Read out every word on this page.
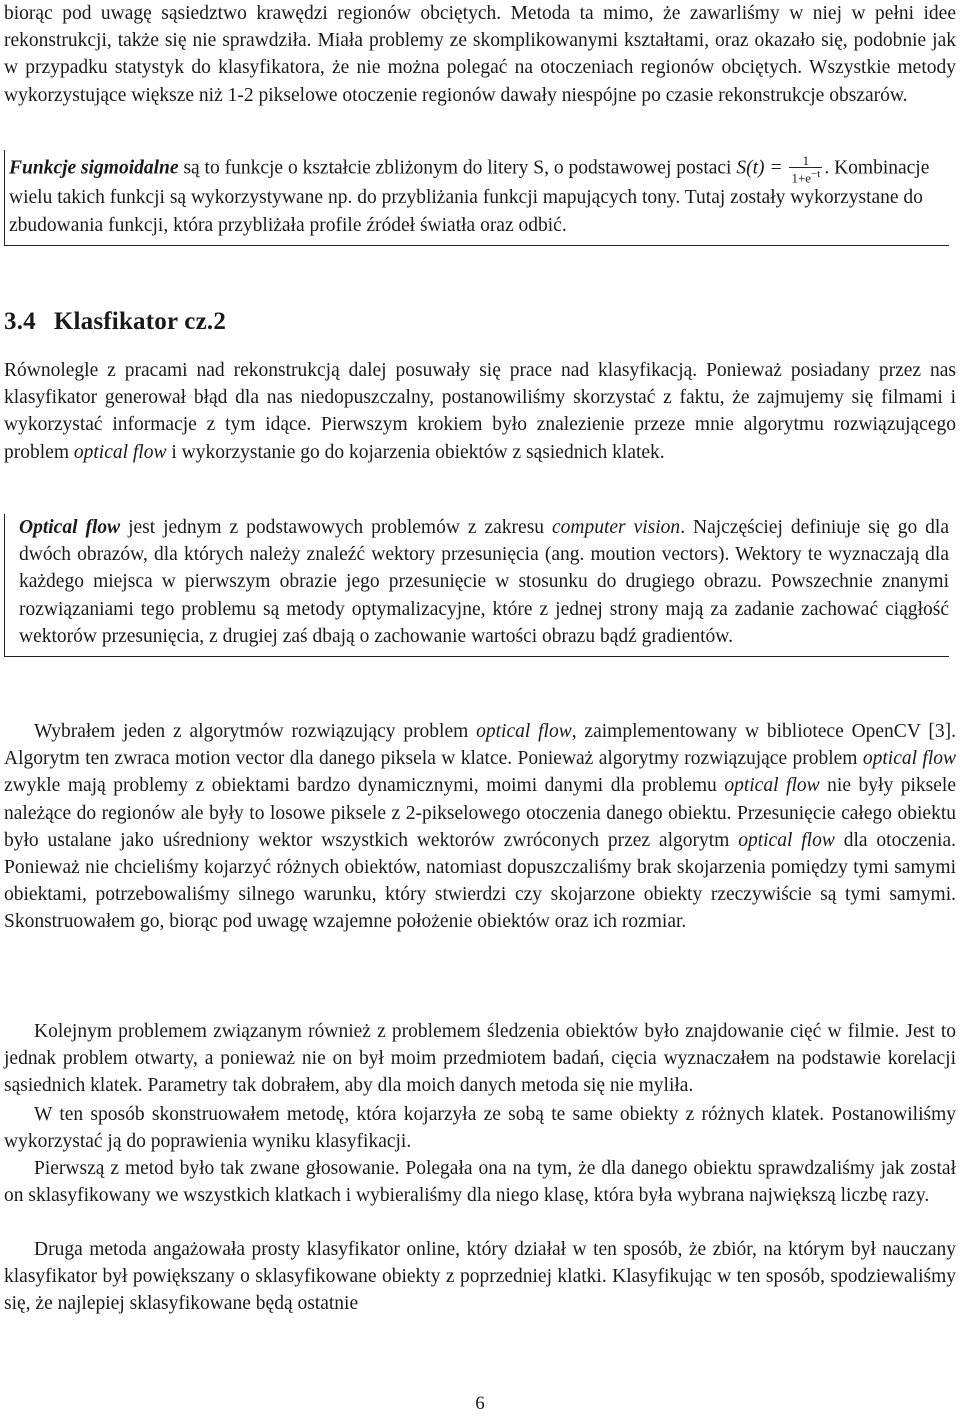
biorąc pod uwagę sąsiedztwo krawędzi regionów obciętych. Metoda ta mimo, że zawarliśmy w niej w pełni idee rekonstrukcji, także się nie sprawdziła. Miała problemy ze skomplikowanymi kształtami, oraz okazało się, podobnie jak w przypadku statystyk do klasyfikatora, że nie można polegać na otoczeniach regionów obciętych. Wszystkie metody wykorzystujące większe niż 1-2 pikselowe otoczenie regionów dawały niespójne po czasie rekonstrukcje obszarów.

Funkcje sigmoidalne są to funkcje o kształcie zbliżonym do litery S, o podstawowej postaci $S(t) = \frac{1}{1+e^{-t}}$ . Kombinacje wielu takich funkcji są wykorzystywane np. do przybliżania funkcji mapujących tony. Tutaj zostały wykorzystane do zbudowania funkcji, która przybliżała profile źródeł światła oraz odbić.
3.4 Klasfikator cz.2

Równolegle z pracami nad rekonstrukcją dalej posuwały się prace nad klasyfikacją. Ponieważ posiadany przez nas klasyfikator generował błąd dla nas niedopuszczalny, postanowiliśmy skorzystać z faktu, że zajmujemy się filmami i wykorzystać informacje z tym idące. Pierwszym krokiem było znalezienie przeze mnie algorytmu rozwiązującego problem optical flow i wykorzystanie go do kojarzenia obiektów z sąsiednich klatek.

Optical flow jest jednym z podstawowych problemów z zakresu computer vision. Najczęściej definiuje się go dla dwóch obrazów, dla których należy znaleźć wektory przesunięcia (ang. moution vectors). Wektory te wyznaczają dla każdego miejsca w pierwszym obrazie jego przesunięcie w stosunku do drugiego obrazu. Powszechnie znanymi rozwiązaniami tego problemu są metody optymalizacyjne, które z jednej strony mają za zadanie zachować ciągłość wektorów przesunięcia, z drugiej zaś dbają o zachowanie wartości obrazu bądź gradientów.

Wybrałem jeden z algorytmów rozwiązujący problem optical flow, zaimplementowany w bibliotece OpenCV [3]. Algorytm ten zwraca motion vector dla danego piksela w klatce. Ponieważ algorytmy rozwiązujące problem optical flow zwykle mają problemy z obiektami bardzo dynamicznymi, moimi danymi dla problemu optical flow nie były piksele należące do regionów ale były to losowe piksele z 2-pikselowego otoczenia danego obiektu. Przesunięcie całego obiektu było ustalane jako uśredniony wektor wszystkich wektorów zwróconych przez algorytm optical flow dla otoczenia. Ponieważ nie chcieliśmy kojarzyć różnych obiektów, natomiast dopuszczaliśmy brak skojarzenia pomiędzy tymi samymi obiektami, potrzebowaliśmy silnego warunku, który stwierdzi czy skojarzone obiekty rzeczywiście są tymi samymi. Skonstruowałem go, biorąc pod uwagę wzajemne położenie obiektów oraz ich rozmiar.

Kolejnym problemem związanym również z problemem śledzenia obiektów było znajdowanie cięć w filmie. Jest to jednak problem otwarty, a ponieważ nie on był moim przedmiotem badań, cięcia wyznaczałem na podstawie korelacji sąsiednich klatek. Parametry tak dobrałem, aby dla moich danych metoda się nie myliła.

W ten sposób skonstruowałem metodę, która kojarzyła ze sobą te same obiekty z różnych klatek. Postanowiliśmy wykorzystać ją do poprawienia wyniku klasyfikacji.

Pierwszą z metod było tak zwane głosowanie. Polegała ona na tym, że dla danego obiektu sprawdzaliśmy jak został on sklasyfikowany we wszystkich klatkach i wybieraliśmy dla niego klasę, która była wybrana największą liczbę razy.

Druga metoda angażowała prosty klasyfikator online, który działał w ten sposób, że zbiór, na którym był nauczany klasyfikator był powiększany o sklasyfikowane obiekty z poprzedniej klatki. Klasyfikując w ten sposób, spodziewaliśmy się, że najlepiej sklasyfikowane będą ostatnie

6
